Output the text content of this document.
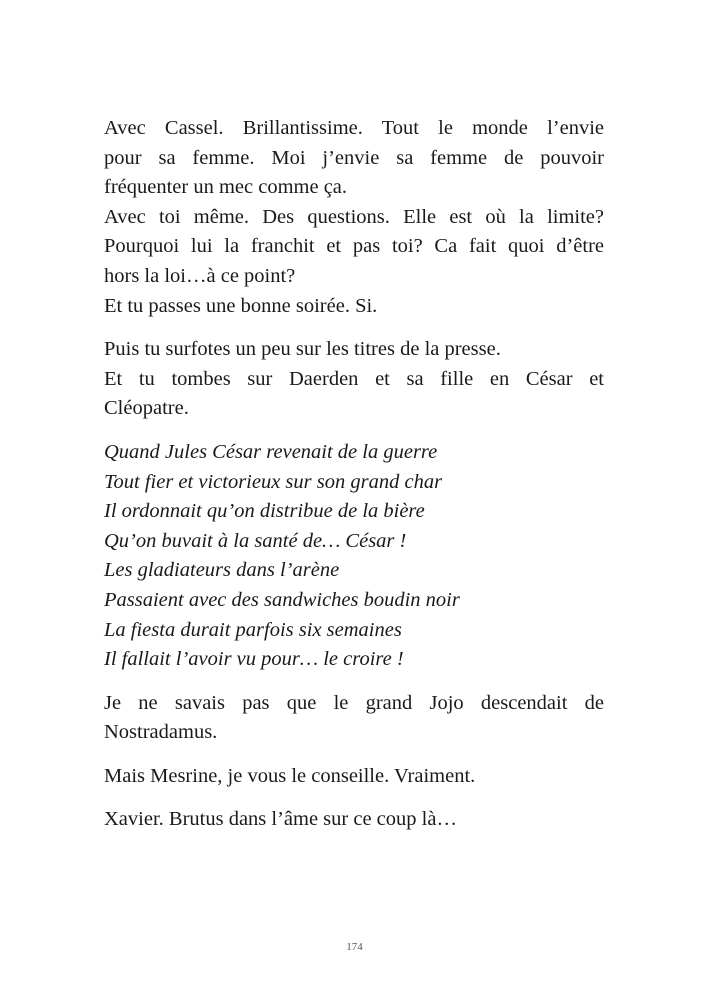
Avec Cassel. Brillantissime. Tout le monde l’envie
pour sa femme. Moi j’envie sa femme de pouvoir
fréquenter un mec comme ça.
Avec toi même. Des questions. Elle est où la limite?
Pourquoi lui la franchit et pas toi? Ca fait quoi d’être
hors la loi…à ce point?
Et tu passes une bonne soirée. Si.
Puis tu surfotes un peu sur les titres de la presse.
Et tu tombes sur Daerden et sa fille en César et
Cléopatre.
Quand Jules César revenait de la guerre
Tout fier et victorieux sur son grand char
Il ordonnait qu’on distribue de la bière
Qu’on buvait à la santé de… César !
Les gladiateurs dans l’arène
Passaient avec des sandwiches boudin noir
La fiesta durait parfois six semaines
Il fallait l’avoir vu pour… le croire !
Je ne savais pas que le grand Jojo descendait de
Nostradamus.
Mais Mesrine, je vous le conseille. Vraiment.
Xavier. Brutus dans l’âme sur ce coup là…
174
